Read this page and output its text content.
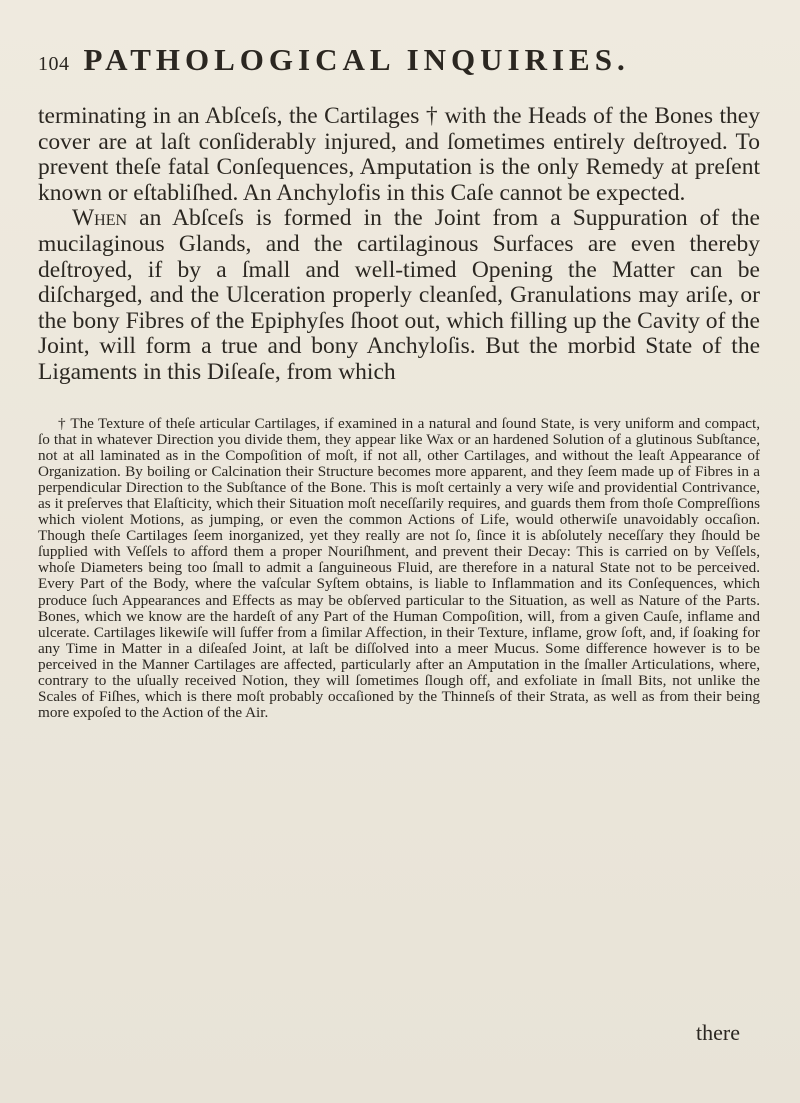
104 PATHOLOGICAL INQUIRIES.

terminating in an Abſceſs, the Cartilages † with the Heads of the Bones they cover are at laſt conſiderably injured, and ſometimes entirely deſtroyed. To prevent theſe fatal Conſequences, Amputation is the only Remedy at preſent known or eſtabliſhed. An Anchylofis in this Caſe cannot be expected.

When an Abſceſs is formed in the Joint from a Suppuration of the mucilaginous Glands, and the cartilaginous Surfaces are even thereby deſtroyed, if by a ſmall and well-timed Opening the Matter can be diſcharged, and the Ulceration properly cleanſed, Granulations may ariſe, or the bony Fibres of the Epiphyſes ſhoot out, which filling up the Cavity of the Joint, will form a true and bony Anchyloſis. But the morbid State of the Ligaments in this Diſeaſe, from which

† The Texture of theſe articular Cartilages, if examined in a natural and ſound State, is very uniform and compact, ſo that in whatever Direction you divide them, they appear like Wax or an hardened Solution of a glutinous Subſtance, not at all laminated as in the Compoſition of moſt, if not all, other Cartilages, and without the leaſt Appearance of Organization. By boiling or Calcination their Structure becomes more apparent, and they ſeem made up of Fibres in a perpendicular Direction to the Subſtance of the Bone. This is moſt certainly a very wiſe and providential Contrivance, as it preſerves that Elaſticity, which their Situation moſt neceſſarily requires, and guards them from thoſe Compreſſions which violent Motions, as jumping, or even the common Actions of Life, would otherwiſe unavoidably occaſion. Though theſe Cartilages ſeem inorganized, yet they really are not ſo, ſince it is abſolutely neceſſary they ſhould be ſupplied with Veſſels to afford them a proper Nouriſhment, and prevent their Decay: This is carried on by Veſſels, whoſe Diameters being too ſmall to admit a ſanguineous Fluid, are therefore in a natural State not to be perceived. Every Part of the Body, where the vaſcular Syſtem obtains, is liable to Inflammation and its Conſequences, which produce ſuch Appearances and Effects as may be obſerved particular to the Situation, as well as Nature of the Parts. Bones, which we know are the hardeſt of any Part of the Human Compoſition, will, from a given Cauſe, inflame and ulcerate. Cartilages likewiſe will ſuffer from a ſimilar Affection, in their Texture, inflame, grow ſoft, and, if ſoaking for any Time in Matter in a diſeaſed Joint, at laſt be diſſolved into a meer Mucus. Some difference however is to be perceived in the Manner Cartilages are affected, particularly after an Amputation in the ſmaller Articulations, where, contrary to the uſually received Notion, they will ſometimes ſlough off, and exfoliate in ſmall Bits, not unlike the Scales of Fiſhes, which is there moſt probably occaſioned by the Thinneſs of their Strata, as well as from their being more expoſed to the Action of the Air.

there
